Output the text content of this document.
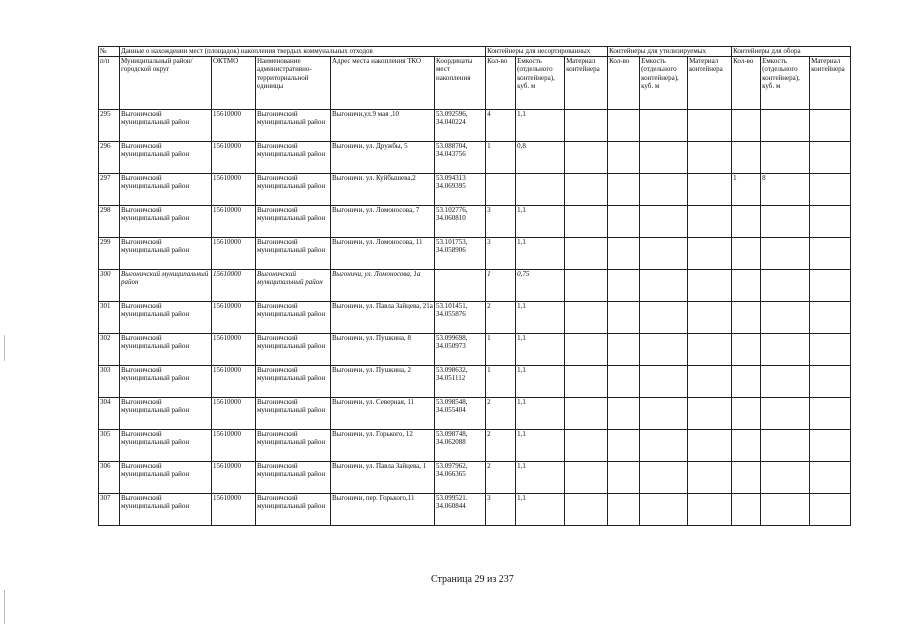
№	Данные о нахождении мест (площадок) накопления твердых коммунальных отходов					Контейнеры для несортированных			Контейнеры для утилизируемых			Контейнеры для обора		
п/п	Муниципальный район/городской округ	ОКТМО	Наименование административно-территориальной единицы	Адрес места накопления ТКО	Координаты мест накопления	Кол-во	Емкость (отдельного контейнера), куб. м	Материал контейнера	Кол-во	Емкость (отдельного контейнера), куб. м	Материал контейнера	Кол-во	Емкость (отдельного контейнера), куб. м	Материал контейнера
295	Выгоничский муниципальный район	15610000	Выгоничский муниципальный район	Выгоничи,ул.9 мая ,10	53.092596, 34.040224	4	1,1							
296	Выгоничский муниципальный район	15610000	Выгоничский муниципальный район	Выгоничи, ул. Дружбы, 5	53.088704, 34.043756	1	0,8							
297	Выгоничский муниципальный район	15610000	Выгоничский муниципальный район	Выгоничи. ул. Куйбышева,2	53.094313 34.069395							1	8	
298	Выгоничский муниципальный район	15610000	Выгоничский муниципальный район	Выгоничи, ул. Ломоносова, 7	53.102776, 34.060810	3	1,1							
299	Выгоничский муниципальный район	15610000	Выгоничский муниципальный район	Выгоничи, ул. Ломоносова, 11	53.101753, 34.058906	3	1,1							
300	Выгоничский муниципальный район	15610000	Выгоничский муниципальный район	Выгоничи, ул. Ломоносова, 1а		1	0,75							
301	Выгоничский муниципальный район	15610000	Выгоничский муниципальный район	Выгоничи, ул. Павла Зайцева, 21а	53.101451, 34.055876	2	1,1							
302	Выгоничский муниципальный район	15610000	Выгоничский муниципальный район	Выгоничи, ул. Пушкина, 8	53.099698, 34.050973	1	1,1							
303	Выгоничский муниципальный район	15610000	Выгоничский муниципальный район	Выгоничи, ул. Пушкина, 2	53.098632, 34.051112	1	1,1							
304	Выгоничский муниципальный район	15610000	Выгоничский муниципальный район	Выгоничи, ул. Северная, 11	53.098548, 34.055404	2	1,1							
305	Выгоничский муниципальный район	15610000	Выгоничский муниципальный район	Выгоничи, ул. Горького, 12	53.098748, 34.062088	2	1,1							
306	Выгоничский муниципальный район	15610000	Выгоничский муниципальный район	Выгоничи, ул. Павла Зайцева, 1	53.097962, 34.066365	2	1,1							
307	Выгоничский муниципальный район	15610000	Выгоничский муниципальный район	Выгоничи, пер. Горького,11	53.099521. 34.060844	3	1,1							
Страница 29 из 237
